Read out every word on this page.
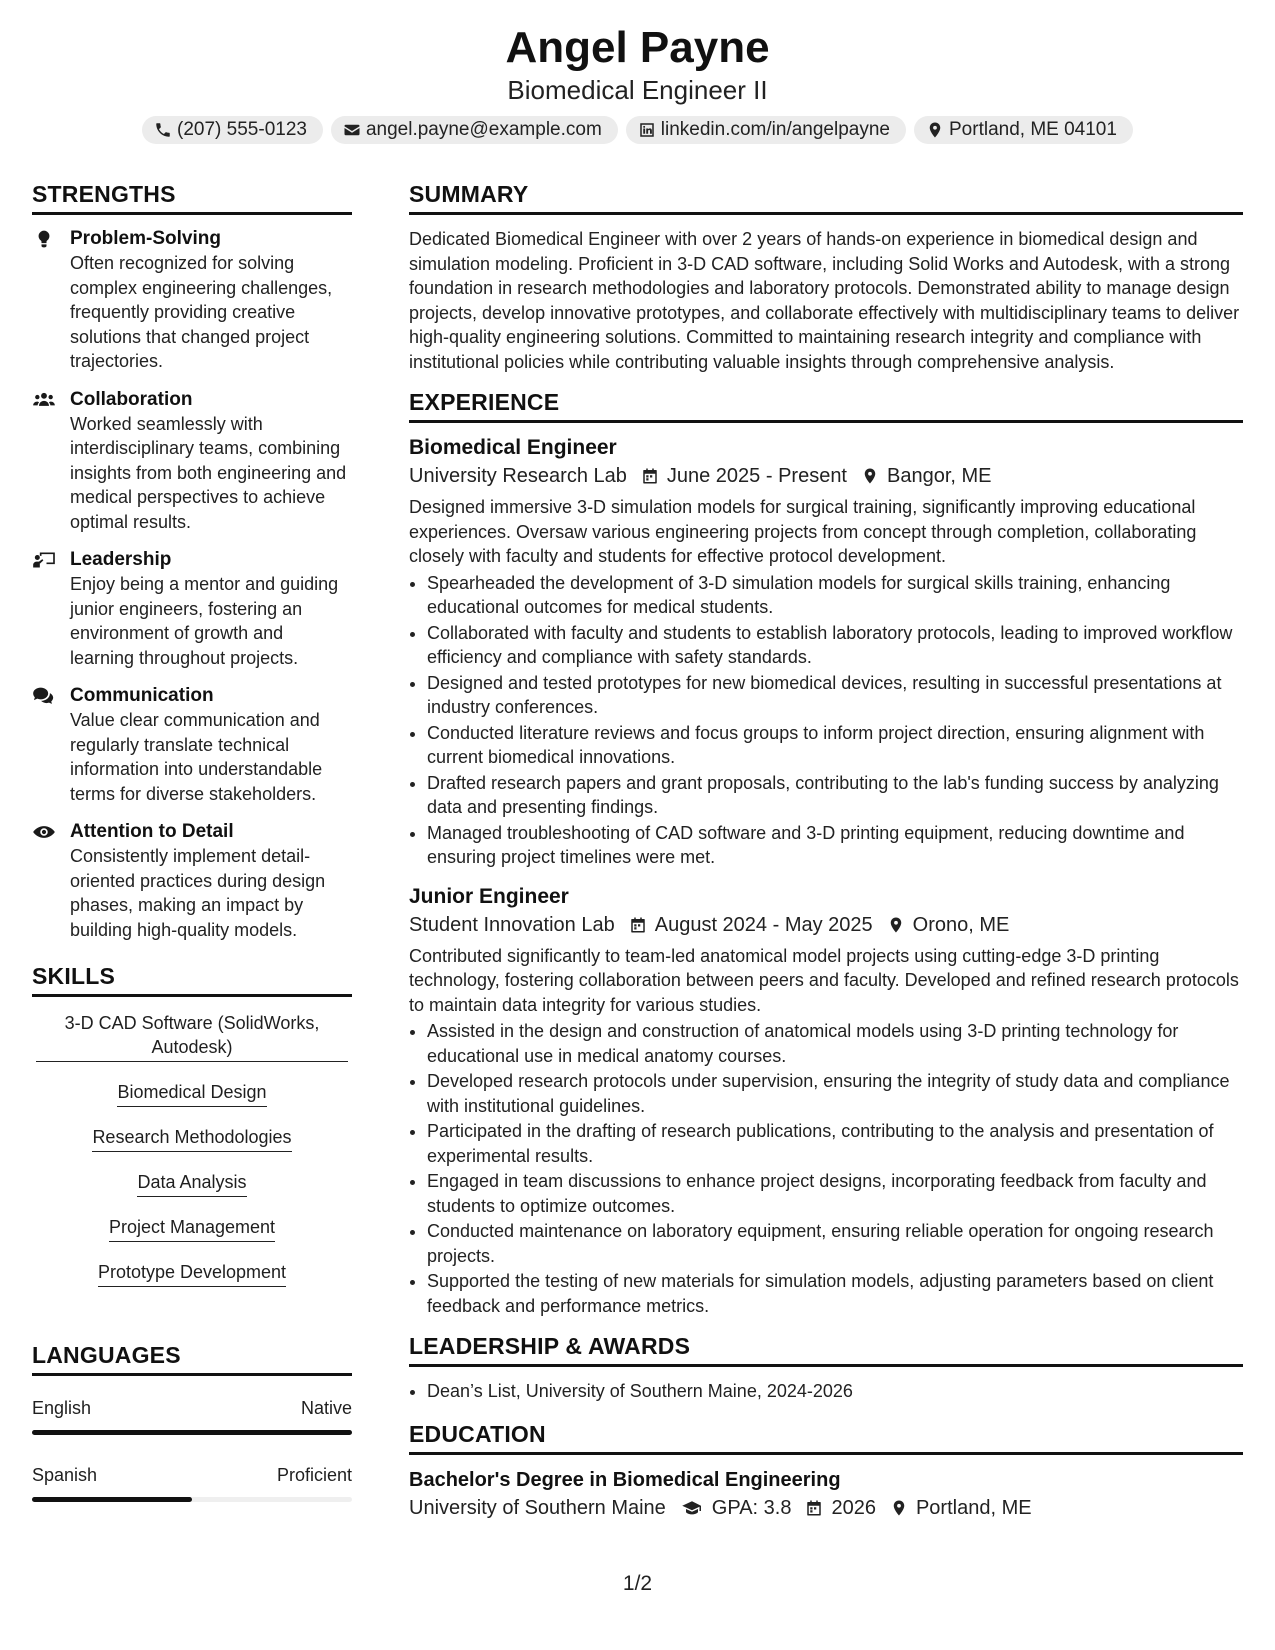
Angel Payne
Biomedical Engineer II
(207) 555-0123	angel.payne@example.com	linkedin.com/in/angelpayne	Portland, ME 04101
STRENGTHS
Problem-Solving
Often recognized for solving complex engineering challenges, frequently providing creative solutions that changed project trajectories.
Collaboration
Worked seamlessly with interdisciplinary teams, combining insights from both engineering and medical perspectives to achieve optimal results.
Leadership
Enjoy being a mentor and guiding junior engineers, fostering an environment of growth and learning throughout projects.
Communication
Value clear communication and regularly translate technical information into understandable terms for diverse stakeholders.
Attention to Detail
Consistently implement detail-oriented practices during design phases, making an impact by building high-quality models.
SKILLS
3-D CAD Software (SolidWorks, Autodesk)
Biomedical Design
Research Methodologies
Data Analysis
Project Management
Prototype Development
LANGUAGES
English	Native
Spanish	Proficient
SUMMARY
Dedicated Biomedical Engineer with over 2 years of hands-on experience in biomedical design and simulation modeling. Proficient in 3-D CAD software, including Solid Works and Autodesk, with a strong foundation in research methodologies and laboratory protocols. Demonstrated ability to manage design projects, develop innovative prototypes, and collaborate effectively with multidisciplinary teams to deliver high-quality engineering solutions. Committed to maintaining research integrity and compliance with institutional policies while contributing valuable insights through comprehensive analysis.
EXPERIENCE
Biomedical Engineer
University Research Lab June 2025 - Present Bangor, ME
Designed immersive 3-D simulation models for surgical training, significantly improving educational experiences. Oversaw various engineering projects from concept through completion, collaborating closely with faculty and students for effective protocol development.
• Spearheaded the development of 3-D simulation models for surgical skills training, enhancing educational outcomes for medical students.
• Collaborated with faculty and students to establish laboratory protocols, leading to improved workflow efficiency and compliance with safety standards.
• Designed and tested prototypes for new biomedical devices, resulting in successful presentations at industry conferences.
• Conducted literature reviews and focus groups to inform project direction, ensuring alignment with current biomedical innovations.
• Drafted research papers and grant proposals, contributing to the lab's funding success by analyzing data and presenting findings.
• Managed troubleshooting of CAD software and 3-D printing equipment, reducing downtime and ensuring project timelines were met.
Junior Engineer
Student Innovation Lab August 2024 - May 2025 Orono, ME
Contributed significantly to team-led anatomical model projects using cutting-edge 3-D printing technology, fostering collaboration between peers and faculty. Developed and refined research protocols to maintain data integrity for various studies.
• Assisted in the design and construction of anatomical models using 3-D printing technology for educational use in medical anatomy courses.
• Developed research protocols under supervision, ensuring the integrity of study data and compliance with institutional guidelines.
• Participated in the drafting of research publications, contributing to the analysis and presentation of experimental results.
• Engaged in team discussions to enhance project designs, incorporating feedback from faculty and students to optimize outcomes.
• Conducted maintenance on laboratory equipment, ensuring reliable operation for ongoing research projects.
• Supported the testing of new materials for simulation models, adjusting parameters based on client feedback and performance metrics.
LEADERSHIP & AWARDS
• Dean’s List, University of Southern Maine, 2024-2026
EDUCATION
Bachelor's Degree in Biomedical Engineering
University of Southern Maine GPA: 3.8 2026 Portland, ME
1/2
